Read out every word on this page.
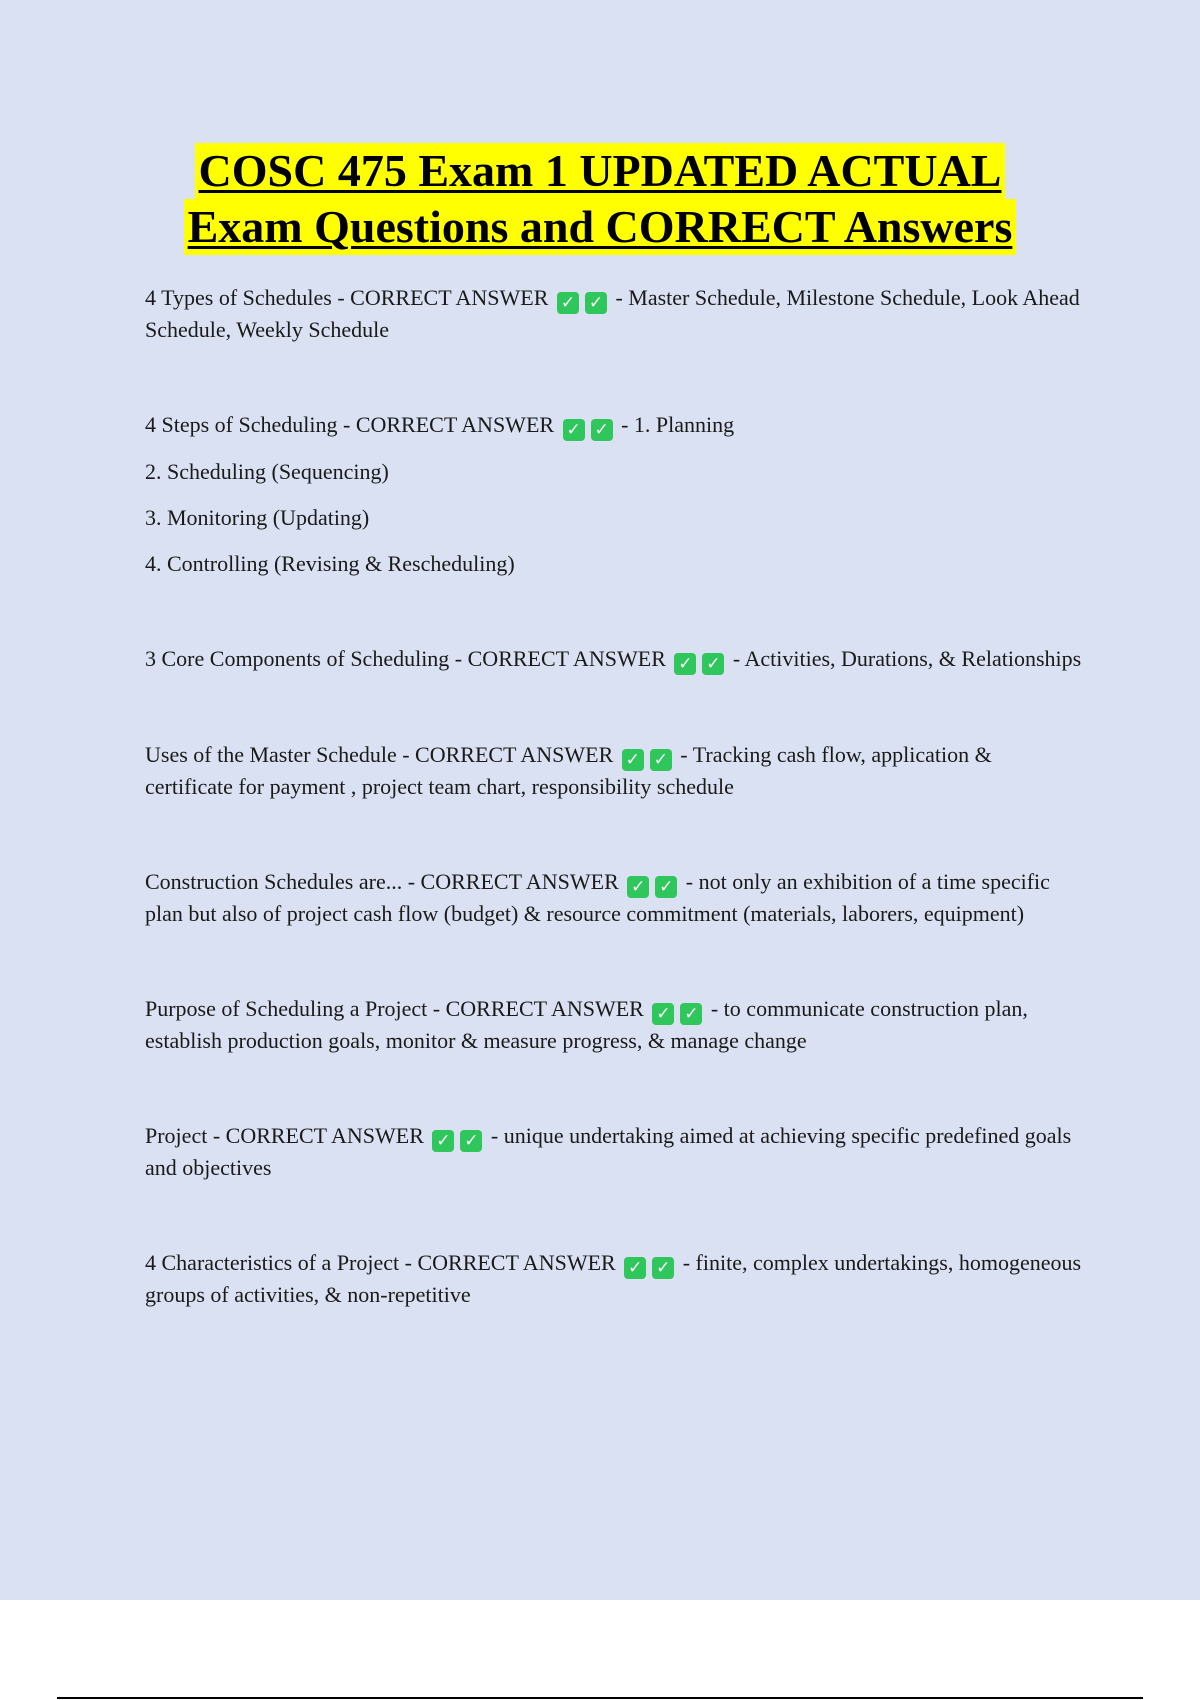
COSC 475 Exam 1 UPDATED ACTUAL
Exam Questions and CORRECT Answers

4 Types of Schedules - CORRECT ANSWER ✓ ✓ - Master Schedule, Milestone Schedule, Look Ahead Schedule, Weekly Schedule

4 Steps of Scheduling - CORRECT ANSWER ✓ ✓ - 1. Planning

2. Scheduling (Sequencing)

3. Monitoring (Updating)

4. Controlling (Revising & Rescheduling)

3 Core Components of Scheduling - CORRECT ANSWER ✓ ✓ - Activities, Durations, & Relationships

Uses of the Master Schedule - CORRECT ANSWER ✓ ✓ - Tracking cash flow, application & certificate for payment , project team chart, responsibility schedule

Construction Schedules are... - CORRECT ANSWER ✓ ✓ - not only an exhibition of a time specific plan but also of project cash flow (budget) & resource commitment (materials, laborers, equipment)

Purpose of Scheduling a Project - CORRECT ANSWER ✓ ✓ - to communicate construction plan, establish production goals, monitor & measure progress, & manage change

Project - CORRECT ANSWER ✓ ✓ - unique undertaking aimed at achieving specific predefined goals and objectives

4 Characteristics of a Project - CORRECT ANSWER ✓ ✓ - finite, complex undertakings, homogeneous groups of activities, & non-repetitive
